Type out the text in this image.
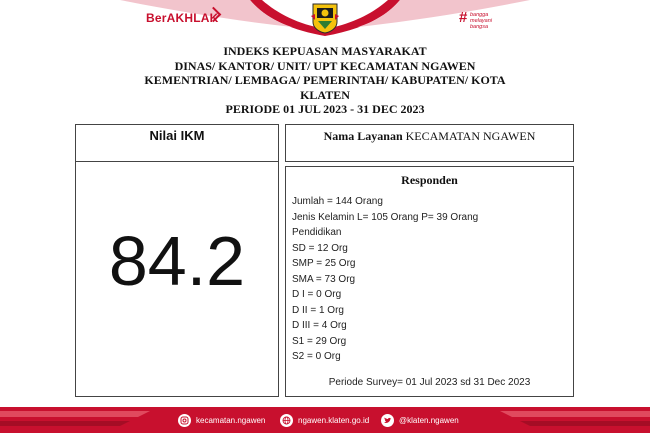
BerAKHLAK	# bangga
melayani
bangsa
INDEKS KEPUASAN MASYARAKAT
DINAS/ KANTOR/ UNIT/ UPT KECAMATAN NGAWEN
KEMENTRIAN/ LEMBAGA/ PEMERINTAH/ KABUPATEN/ KOTA
KLATEN
PERIODE 01 JUL 2023 - 31 DEC 2023
Nilai IKM
84.2
Nama Layanan KECAMATAN NGAWEN
Responden
Jumlah = 144 Orang
Jenis Kelamin L= 105 Orang P= 39 Orang
Pendidikan
SD = 12 Org
SMP = 25 Org
SMA = 73 Org
D I = 0 Org
D II = 1 Org
D III = 4 Org
S1 = 29 Org
S2 = 0 Org
Periode Survey= 01 Jul 2023 sd 31 Dec 2023
kecamatan.ngawen	ngawen.klaten.go.id	@klaten.ngawen
